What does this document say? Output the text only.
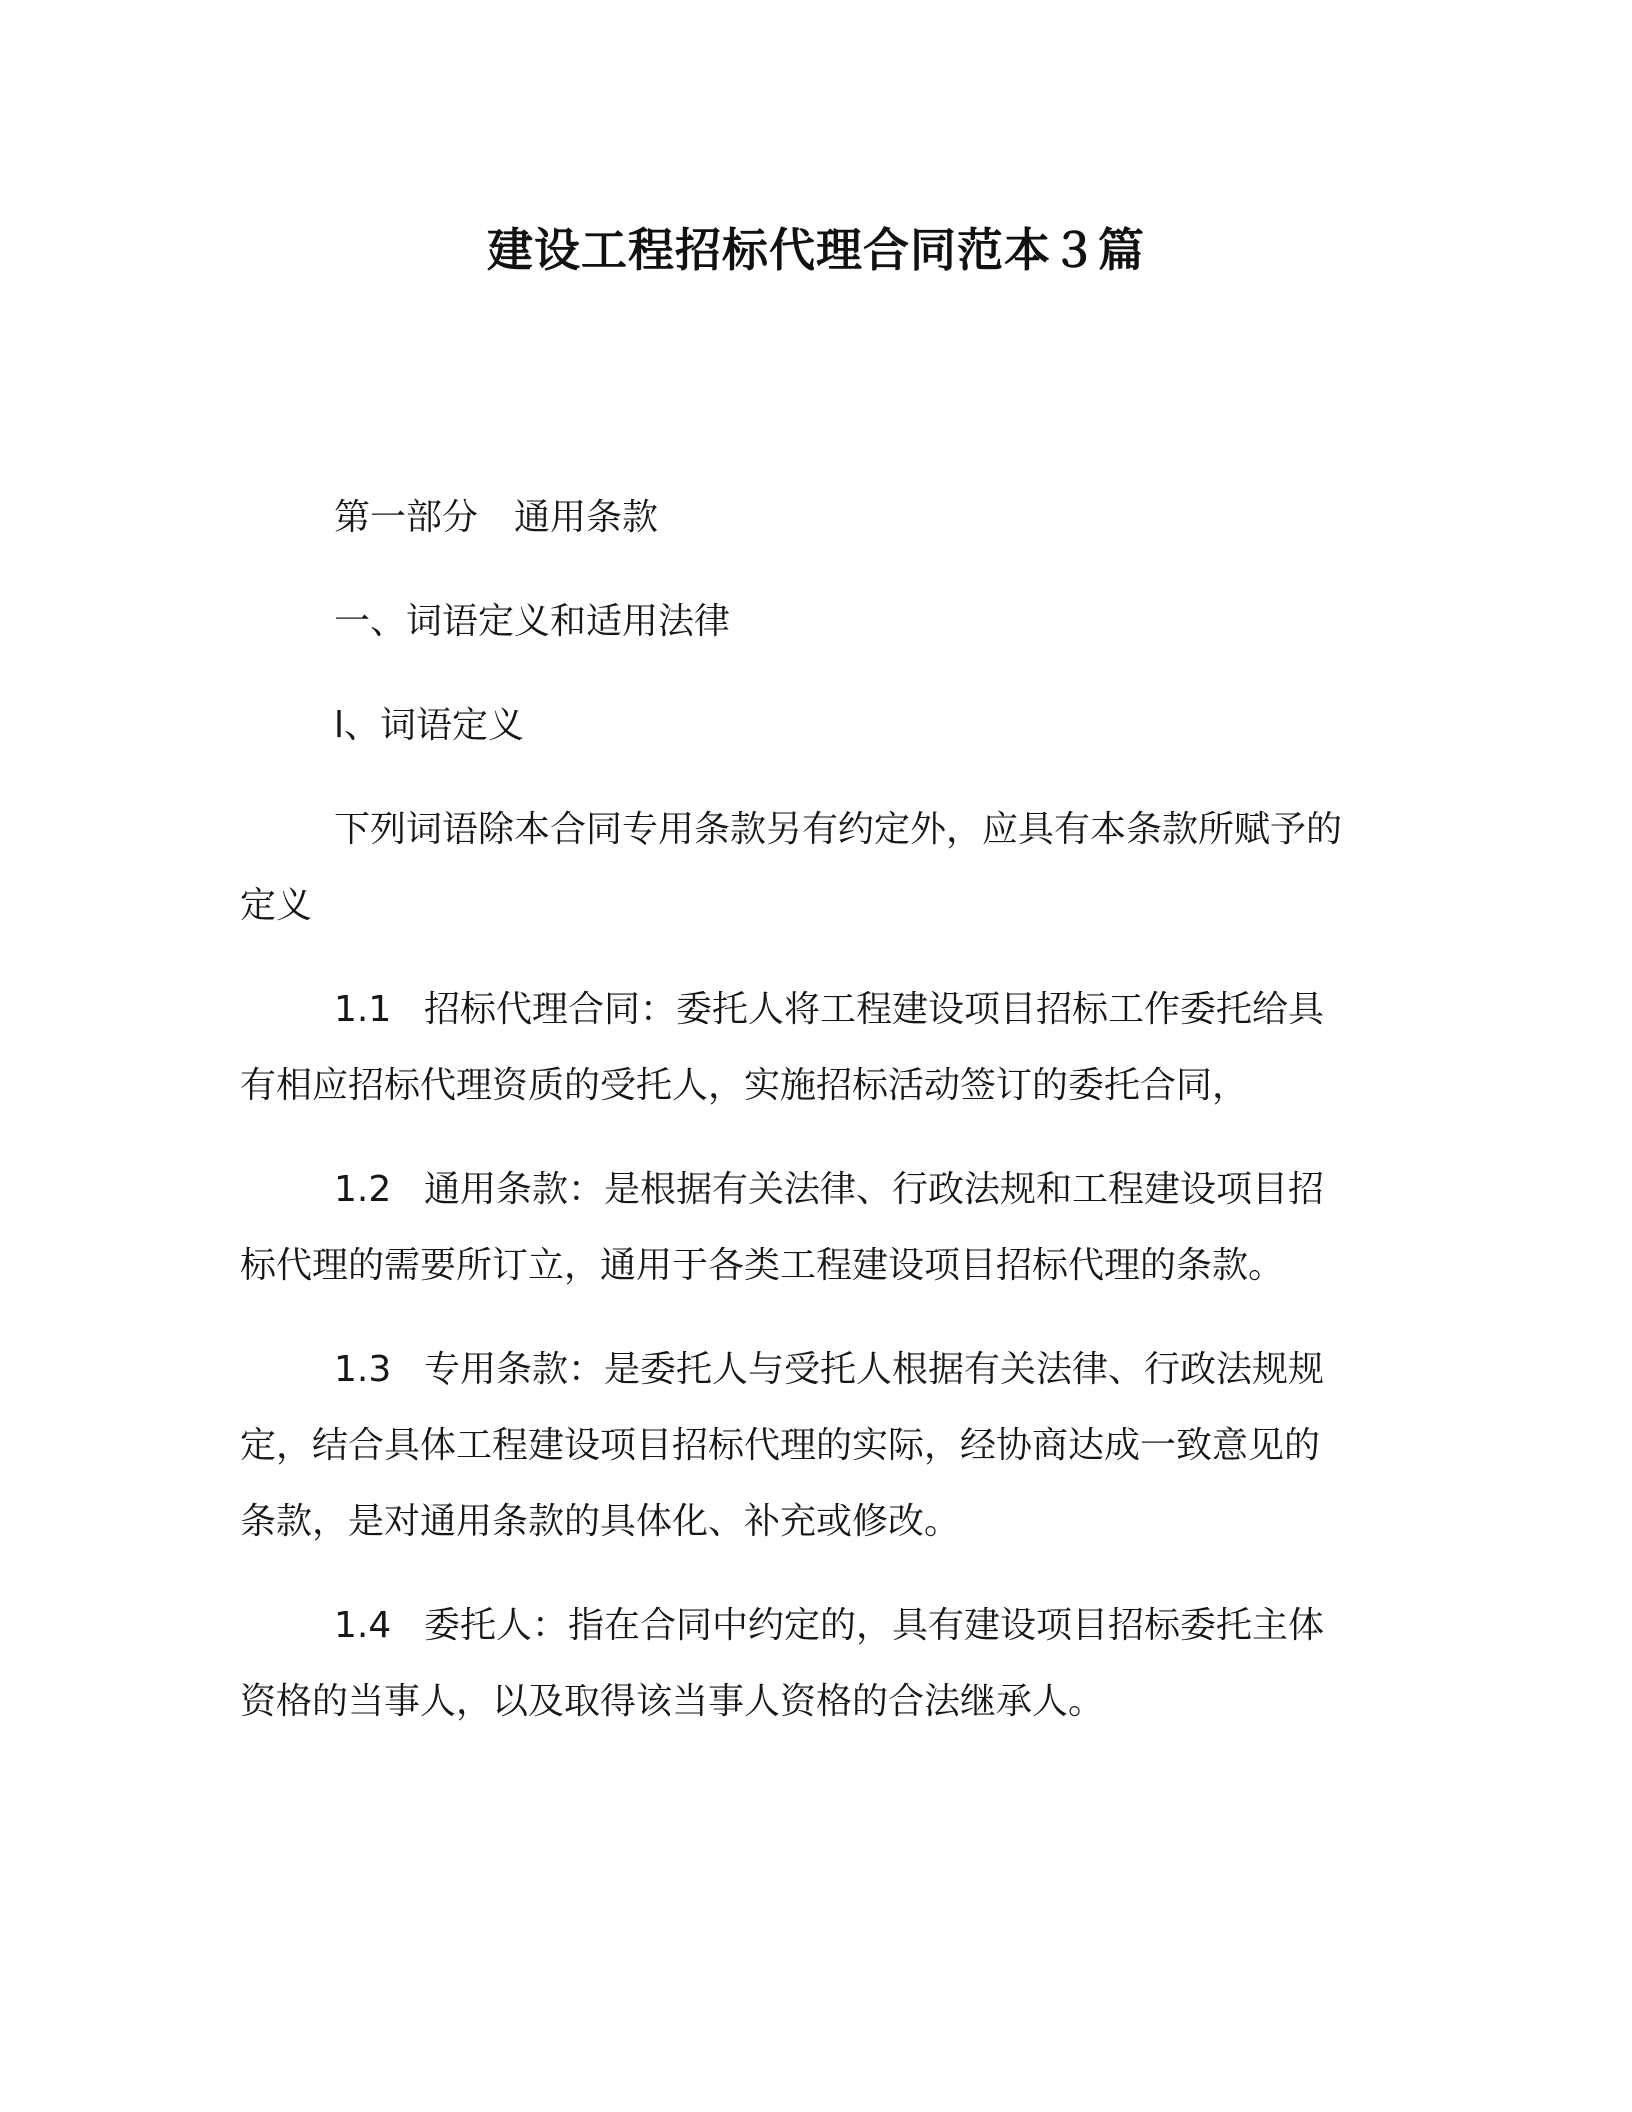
建设工程招标代理合同范本３篇
第一部分　通用条款
一、词语定义和适用法律
l、词语定义
下列词语除本合同专用条款另有约定外，应具有本条款所赋予的
定义
1.1 招标代理合同：委托人将工程建设项目招标工作委托给具
有相应招标代理资质的受托人，实施招标活动签订的委托合同，
1.2 通用条款：是根据有关法律、行政法规和工程建设项目招
标代理的需要所订立，通用于各类工程建设项目招标代理的条款。
1.3 专用条款：是委托人与受托人根据有关法律、行政法规规
定，结合具体工程建设项目招标代理的实际，经协商达成一致意见的
条款，是对通用条款的具体化、补充或修改。
1.4 委托人：指在合同中约定的，具有建设项目招标委托主体
资格的当事人，以及取得该当事人资格的合法继承人。
